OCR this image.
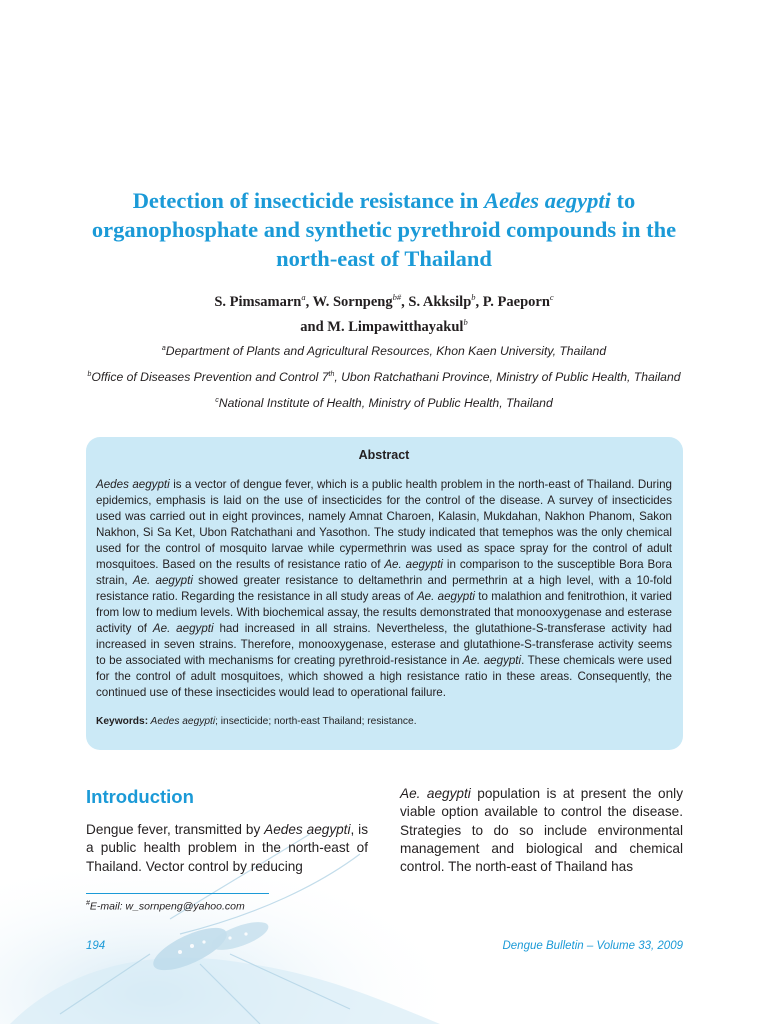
Detection of insecticide resistance in Aedes aegypti to organophosphate and synthetic pyrethroid compounds in the north-east of Thailand
S. Pimsamarn$^a$, W. Sornpeng$^{b\#}$, S. Akksilp$^b$, P. Paeporn$^c$
and M. Limpawitthayakul$^b$
$^a$Department of Plants and Agricultural Resources, Khon Kaen University, Thailand
$^b$Office of Diseases Prevention and Control 7th, Ubon Ratchathani Province, Ministry of Public Health, Thailand
$^c$National Institute of Health, Ministry of Public Health, Thailand
Abstract
Aedes aegypti is a vector of dengue fever, which is a public health problem in the north-east of Thailand. During epidemics, emphasis is laid on the use of insecticides for the control of the disease. A survey of insecticides used was carried out in eight provinces, namely Amnat Charoen, Kalasin, Mukdahan, Nakhon Phanom, Sakon Nakhon, Si Sa Ket, Ubon Ratchathani and Yasothon. The study indicated that temephos was the only chemical used for the control of mosquito larvae while cypermethrin was used as space spray for the control of adult mosquitoes. Based on the results of resistance ratio of Ae. aegypti in comparison to the susceptible Bora Bora strain, Ae. aegypti showed greater resistance to deltamethrin and permethrin at a high level, with a 10-fold resistance ratio. Regarding the resistance in all study areas of Ae. aegypti to malathion and fenitrothion, it varied from low to medium levels. With biochemical assay, the results demonstrated that monooxygenase and esterase activity of Ae. aegypti had increased in all strains. Nevertheless, the glutathione-S-transferase activity had increased in seven strains. Therefore, monooxygenase, esterase and glutathione-S-transferase activity seems to be associated with mechanisms for creating pyrethroid-resistance in Ae. aegypti. These chemicals were used for the control of adult mosquitoes, which showed a high resistance ratio in these areas. Consequently, the continued use of these insecticides would lead to operational failure.
Keywords: Aedes aegypti; insecticide; north-east Thailand; resistance.
Introduction
Dengue fever, transmitted by Aedes aegypti, is a public health problem in the north-east of Thailand. Vector control by reducing
Ae. aegypti population is at present the only viable option available to control the disease. Strategies to do so include environmental management and biological and chemical control. The north-east of Thailand has
#E-mail: w_sornpeng@yahoo.com
194	Dengue Bulletin – Volume 33, 2009
